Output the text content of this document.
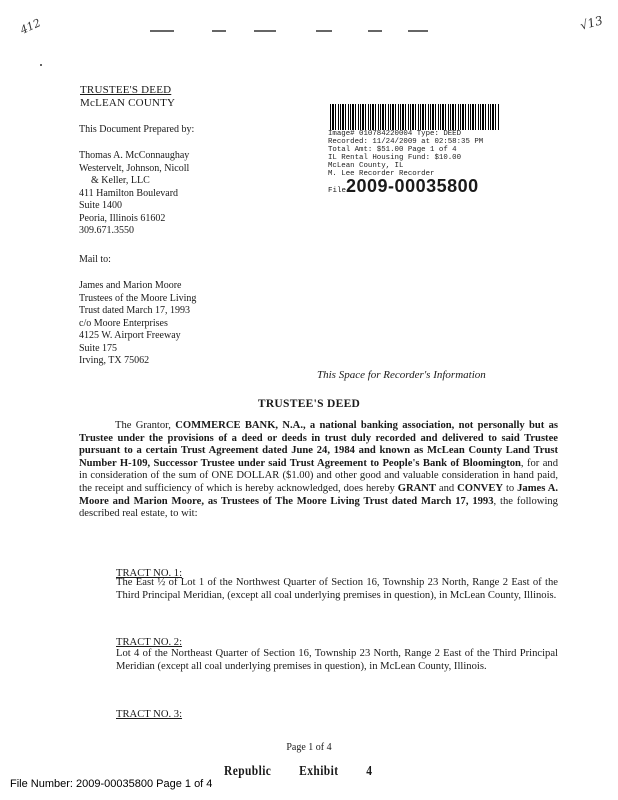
412	√13
TRUSTEE'S DEED
McLEAN COUNTY
Image# 010784220004 Type: DEED
Recorded: 11/24/2009 at 02:58:35 PM
Total Amt: $51.00 Page 1 of 4
IL Rental Housing Fund: $10.00
McLean County, IL
M. Lee Recorder Recorder
File2009-00035800
This Document Prepared by:
Thomas A. McConnaughay
Westervelt, Johnson, Nicoll
& Keller, LLC
411 Hamilton Boulevard
Suite 1400
Peoria, Illinois 61602
309.671.3550
Mail to:
James and Marion Moore
Trustees of the Moore Living
Trust dated March 17, 1993
c/o Moore Enterprises
4125 W. Airport Freeway
Suite 175
Irving, TX 75062
This Space for Recorder's Information
TRUSTEE'S DEED
The Grantor, COMMERCE BANK, N.A., a national banking association, not personally but as Trustee under the provisions of a deed or deeds in trust duly recorded and delivered to said Trustee pursuant to a certain Trust Agreement dated June 24, 1984 and known as McLean County Land Trust Number H-109, Successor Trustee under said Trust Agreement to People's Bank of Bloomington, for and in consideration of the sum of ONE DOLLAR ($1.00) and other good and valuable consideration in hand paid, the receipt and sufficiency of which is hereby acknowledged, does hereby GRANT and CONVEY to James A. Moore and Marion Moore, as Trustees of The Moore Living Trust dated March 17, 1993, the following described real estate, to wit:
TRACT NO. 1:
The East ½ of Lot 1 of the Northwest Quarter of Section 16, Township 23 North, Range 2 East of the Third Principal Meridian, (except all coal underlying premises in question), in McLean County, Illinois.
TRACT NO. 2:
Lot 4 of the Northeast Quarter of Section 16, Township 23 North, Range 2 East of the Third Principal Meridian (except all coal underlying premises in question), in McLean County, Illinois.
TRACT NO. 3:
Page 1 of 4
Republic Exhibit 4
File Number: 2009-00035800 Page 1 of 4
